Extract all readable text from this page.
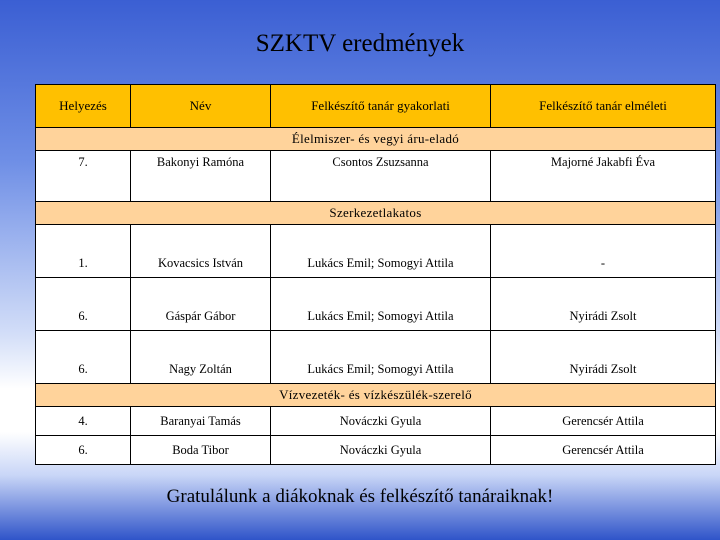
SZKTV eredmények
Helyezés	Név	Felkészítő tanár gyakorlati	Felkészítő tanár elméleti
Élelmiszer- és vegyi áru-eladó			
7.	Bakonyi Ramóna	Csontos Zsuzsanna	Majorné Jakabfi Éva
Szerkezetlakatos			
1.	Kovacsics István	Lukács Emil; Somogyi Attila	-
6.	Gáspár Gábor	Lukács Emil; Somogyi Attila	Nyirádi Zsolt
6.	Nagy Zoltán	Lukács Emil; Somogyi Attila	Nyirádi Zsolt
Vízvezeték- és vízkészülék-szerelő			
4.	Baranyai Tamás	Nováczki Gyula	Gerencsér Attila
6.	Boda Tibor	Nováczki Gyula	Gerencsér Attila
Gratulálunk a diákoknak és felkészítő tanáraiknak!
